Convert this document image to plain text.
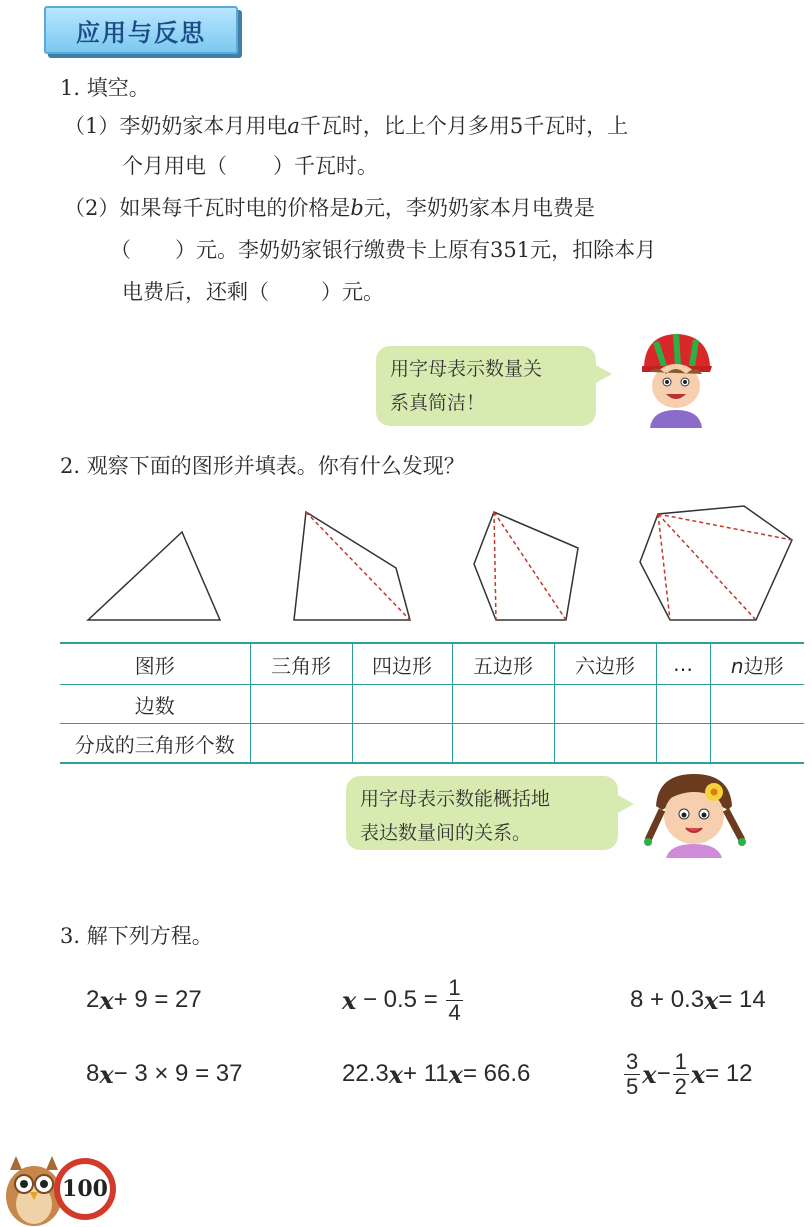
应用与反思
1. 填空。
（1）李奶奶家本月用电a千瓦时，比上个月多用5千瓦时，上
个月用电（ ）千瓦时。
（2）如果每千瓦时电的价格是b元，李奶奶家本月电费是
（ ）元。李奶奶家银行缴费卡上原有351元，扣除本月
电费后，还剩（ ）元。
用字母表示数量关
系真简洁！
2. 观察下面的图形并填表。你有什么发现？
图形	三角形	四边形	五边形	六边形	…	n边形
边数						
分成的三角形个数						
用字母表示数能概括地
表达数量间的关系。
3. 解下列方程。
2 x + 9 = 27	$x - 0.5 = \frac{1}{4}$	8 + 0.3 x = 14
8 x − 3 × 9 = 37	22.3 x + 11 x = 66.6	$\frac{3}{5}$ $x - \frac{1}{2}$ x = 12
100
